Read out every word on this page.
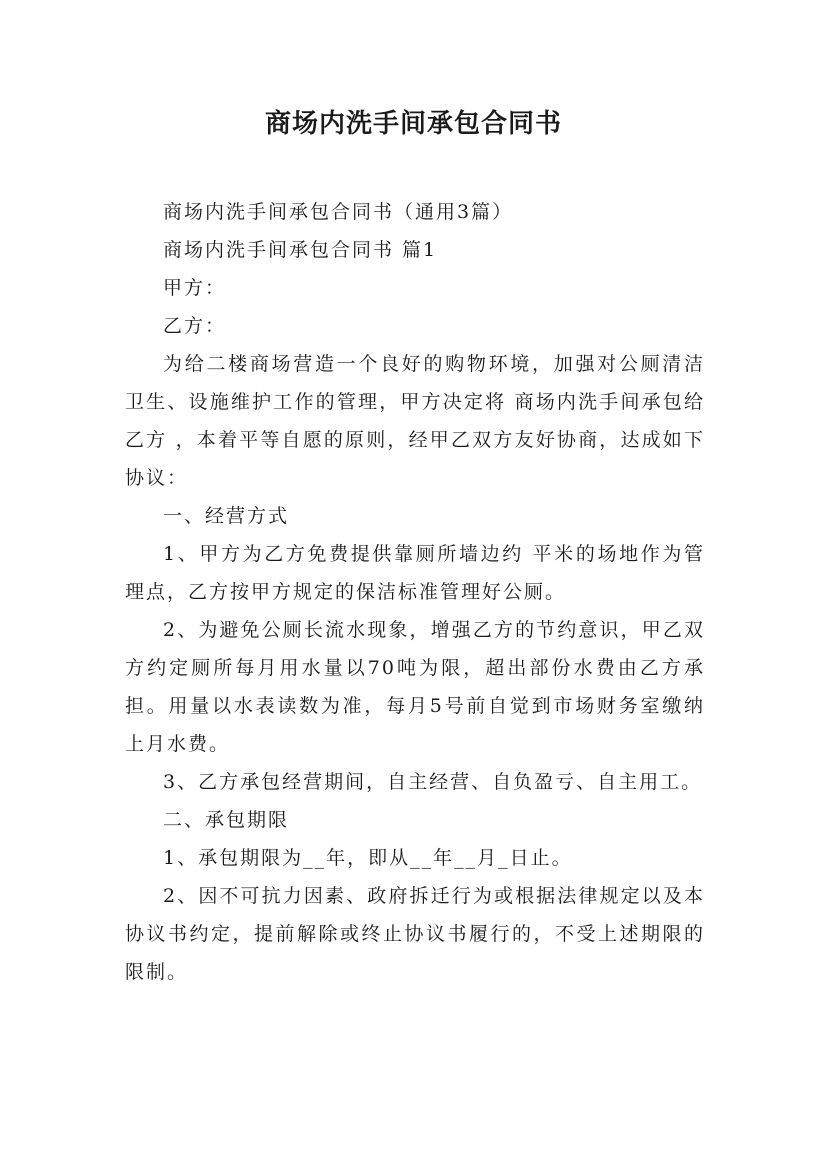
商场内洗手间承包合同书

商场内洗手间承包合同书（通用3篇）

商场内洗手间承包合同书 篇1

甲方：

乙方：

为给二楼商场营造一个良好的购物环境，加强对公厕清洁卫生、设施维护工作的管理，甲方决定将 商场内洗手间承包给乙方 ，本着平等自愿的原则，经甲乙双方友好协商，达成如下协议：

一、经营方式

1、甲方为乙方免费提供靠厕所墙边约 平米的场地作为管理点，乙方按甲方规定的保洁标准管理好公厕。

2、为避免公厕长流水现象，增强乙方的节约意识，甲乙双方约定厕所每月用水量以70吨为限，超出部份水费由乙方承担。用量以水表读数为准，每月5号前自觉到市场财务室缴纳上月水费。

3、乙方承包经营期间，自主经营、自负盈亏、自主用工。

二、承包期限

1、承包期限为__年，即从__年__月_日止。

2、因不可抗力因素、政府拆迁行为或根据法律规定以及本协议书约定，提前解除或终止协议书履行的，不受上述期限的限制。
